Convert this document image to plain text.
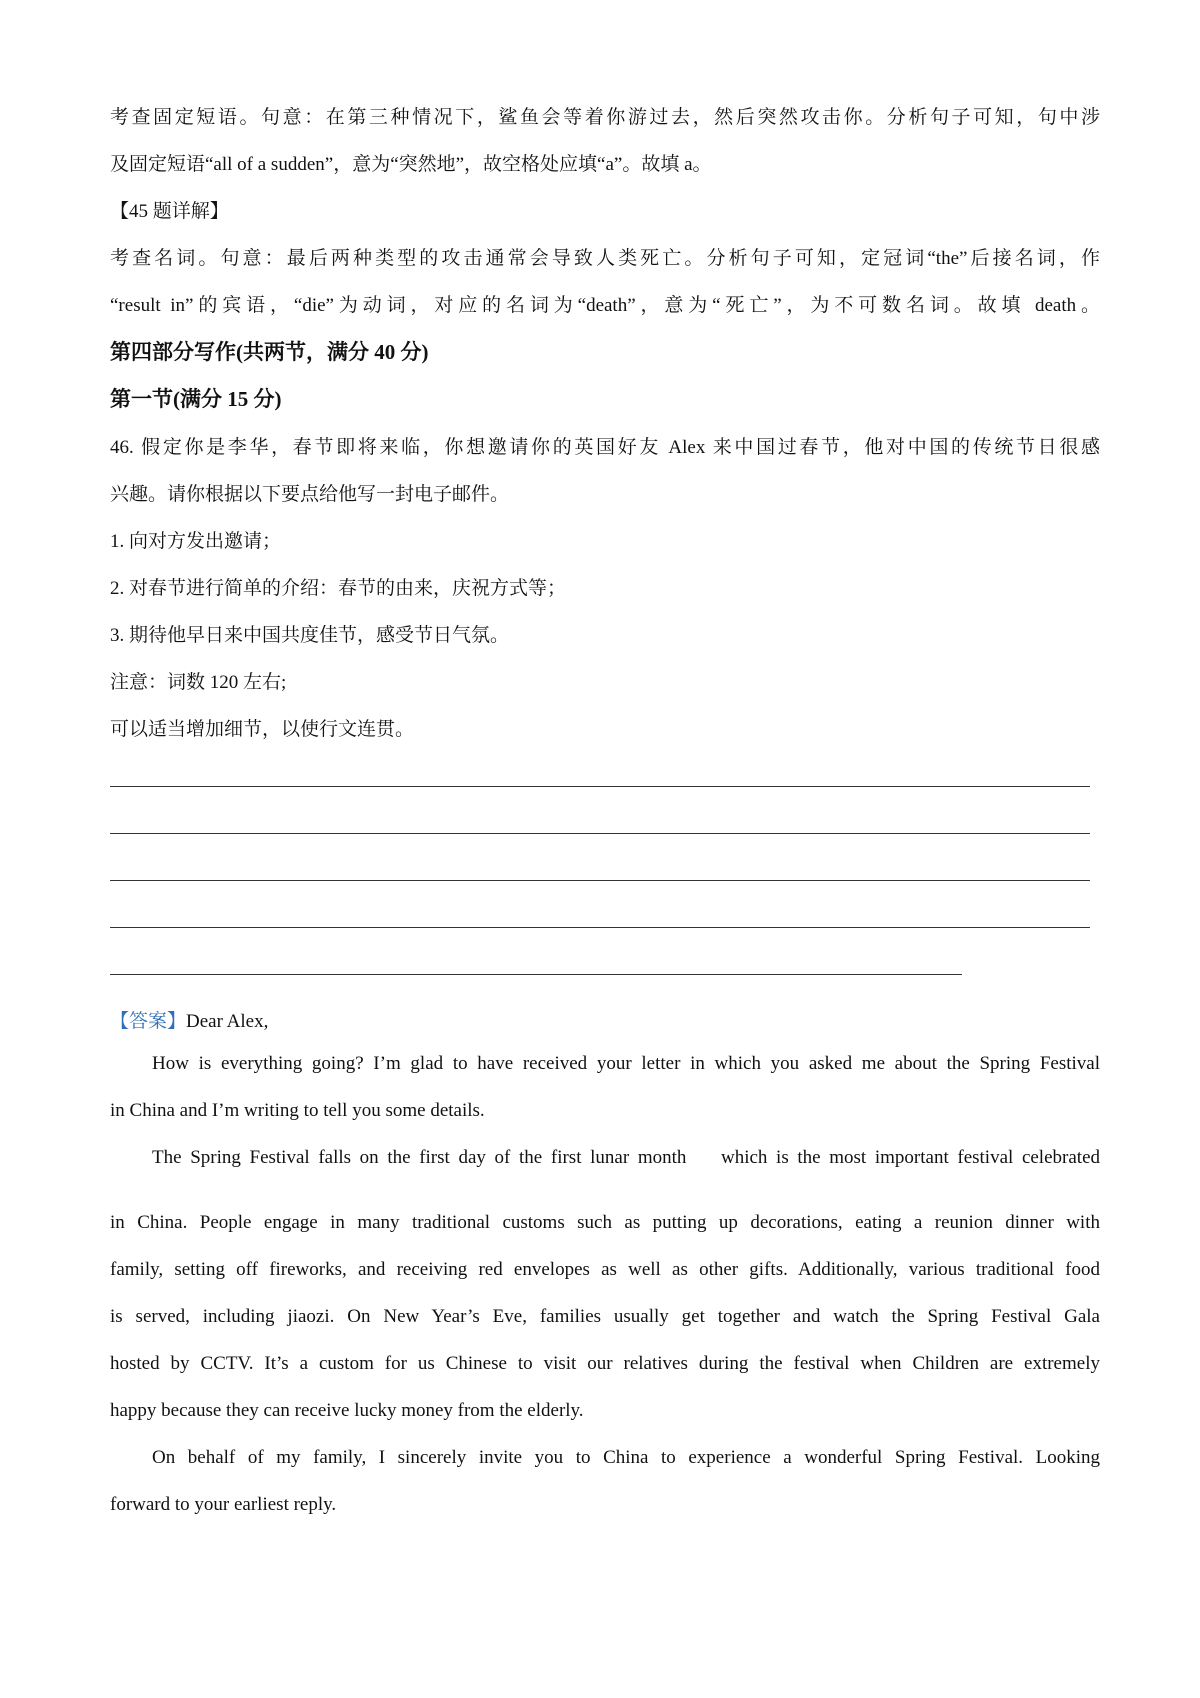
考查固定短语。句意：在第三种情况下，鲨鱼会等着你游过去，然后突然攻击你。分析句子可知，句中涉
及固定短语“all of a sudden”，意为“突然地”，故空格处应填“a”。故填 a。
【45 题详解】
考查名词。句意：最后两种类型的攻击通常会导致人类死亡。分析句子可知，定冠词“the”后接名词，作
“result in”的宾语，“die”为动词，对应的名词为“death”，意为“死亡”，为不可数名词。故填 death。
第四部分写作(共两节，满分 40 分)
第一节(满分 15 分)
46. 假定你是李华，春节即将来临，你想邀请你的英国好友 Alex 来中国过春节，他对中国的传统节日很感
兴趣。请你根据以下要点给他写一封电子邮件。
1. 向对方发出邀请；
2. 对春节进行简单的介绍：春节的由来，庆祝方式等；
3. 期待他早日来中国共度佳节，感受节日气氛。
注意：词数 120 左右;
可以适当增加细节，以使行文连贯。
【答案】Dear Alex,
How is everything going? I’m glad to have received your letter in which you asked me about the Spring Festival
in China and I’m writing to tell you some details.
The Spring Festival falls on the first day of the first lunar month    which is the most important festival celebrated
in China. People engage in many traditional customs such as putting up decorations, eating a reunion dinner with
family, setting off fireworks, and receiving red envelopes as well as other gifts. Additionally, various traditional food
is served, including jiaozi. On New Year’s Eve, families usually get together and watch the Spring Festival Gala
hosted by CCTV. It’s a custom for us Chinese to visit our relatives during the festival when Children are extremely
happy because they can receive lucky money from the elderly.
On behalf of my family, I sincerely invite you to China to experience a wonderful Spring Festival. Looking
forward to your earliest reply.
